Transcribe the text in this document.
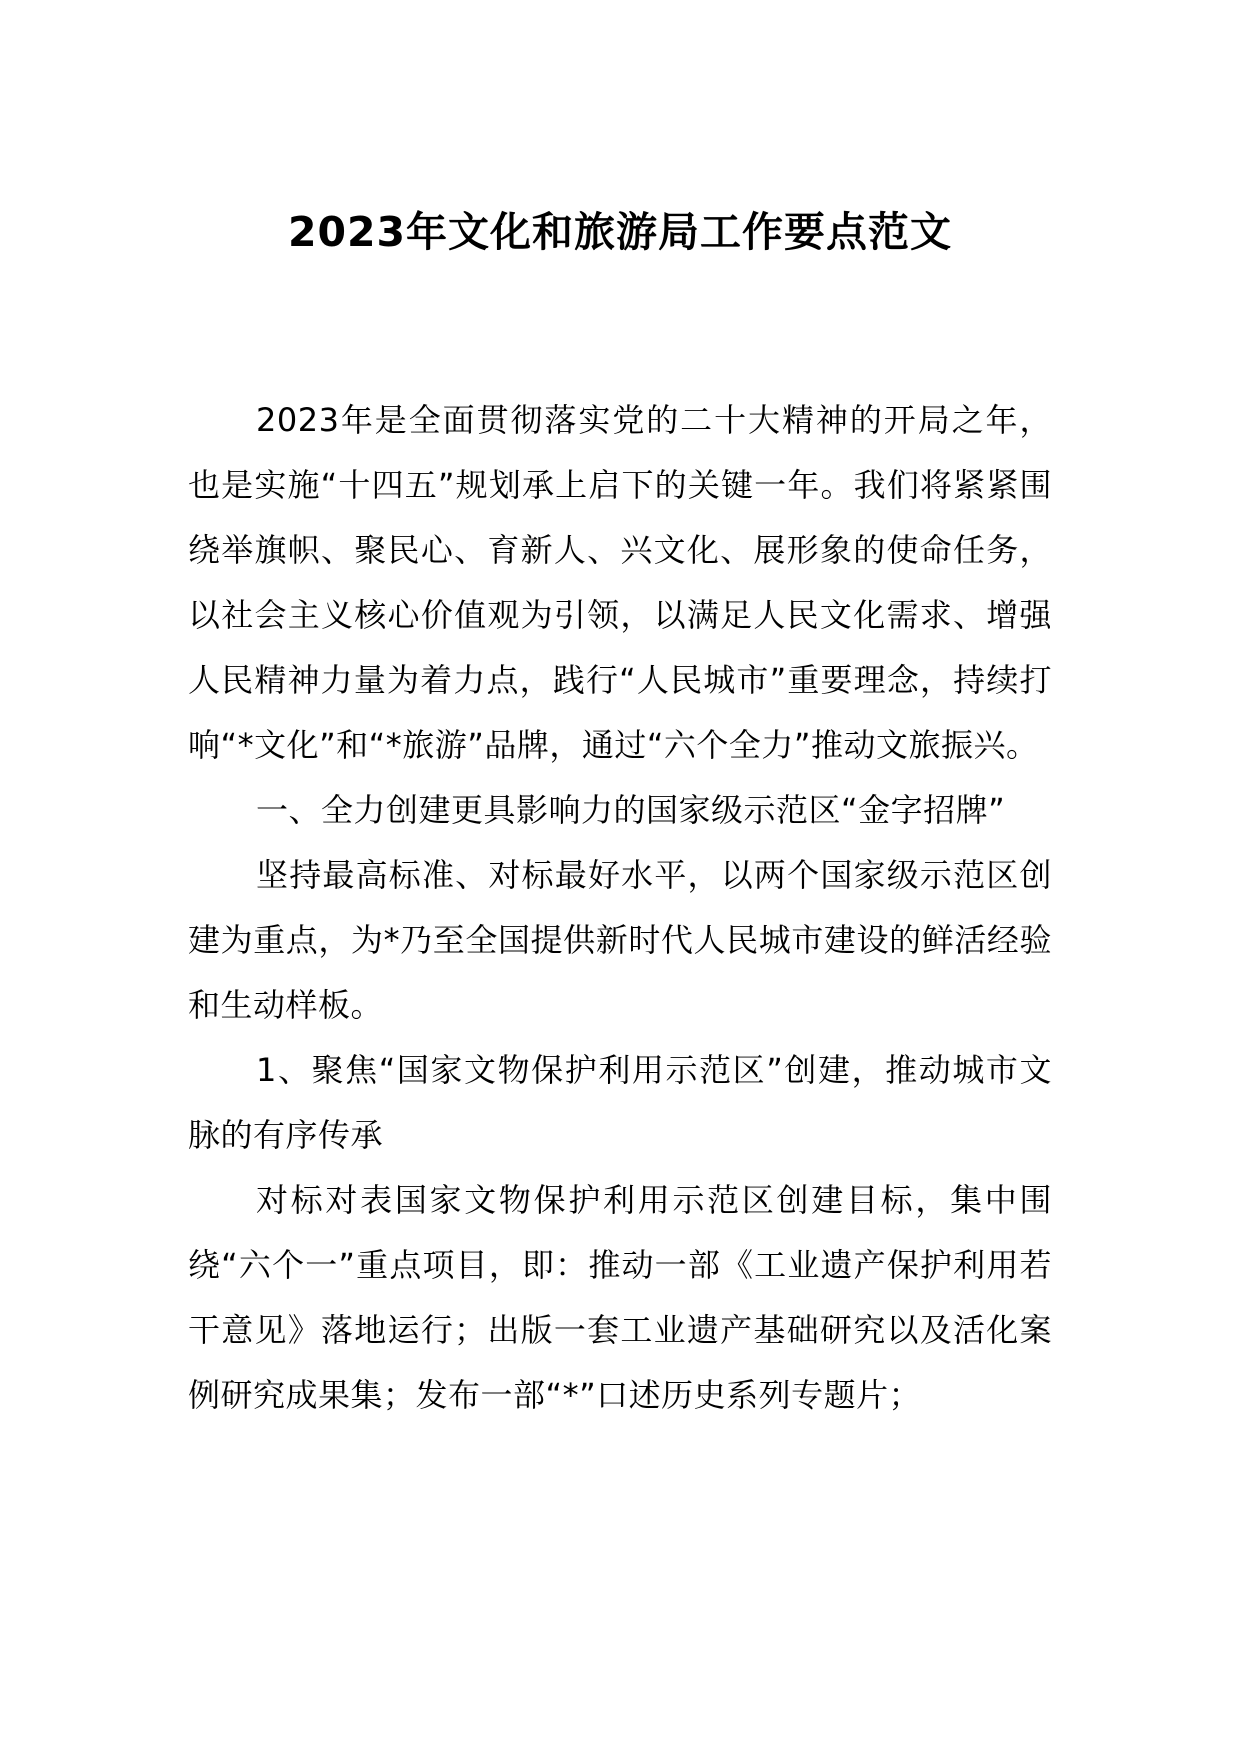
2023年文化和旅游局工作要点范文

2023年是全面贯彻落实党的二十大精神的开局之年，也是实施“十四五”规划承上启下的关键一年。我们将紧紧围绕举旗帜、聚民心、育新人、兴文化、展形象的使命任务，以社会主义核心价值观为引领，以满足人民文化需求、增强人民精神力量为着力点，践行“人民城市”重要理念，持续打响“*文化”和“*旅游”品牌，通过“六个全力”推动文旅振兴。

一、全力创建更具影响力的国家级示范区“金字招牌”

坚持最高标准、对标最好水平，以两个国家级示范区创建为重点，为*乃至全国提供新时代人民城市建设的鲜活经验和生动样板。

1、聚焦“国家文物保护利用示范区”创建，推动城市文脉的有序传承

对标对表国家文物保护利用示范区创建目标，集中围绕“六个一”重点项目，即：推动一部《工业遗产保护利用若干意见》落地运行；出版一套工业遗产基础研究以及活化案例研究成果集；发布一部“*”口述历史系列专题片；
